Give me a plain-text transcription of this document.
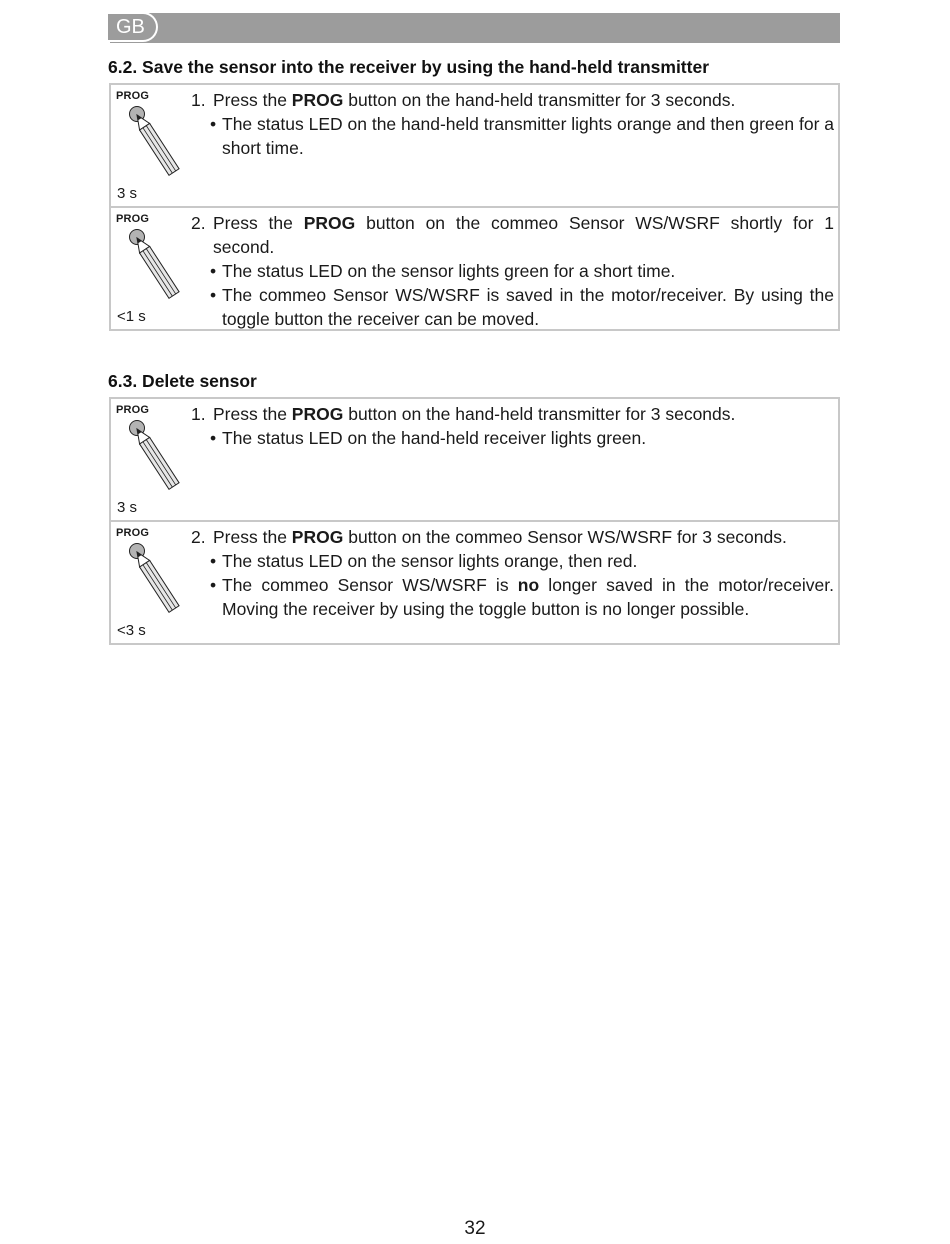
GB
6.2. Save the sensor into the receiver by using the hand-held transmitter
PROG
3 s
1. Press the PROG button on the hand-held transmitter for 3 seconds.
• The status LED on the hand-held transmitter lights orange and then green for a short time.
PROG
<1 s
2. Press the PROG button on the commeo Sensor WS/WSRF shortly for 1 second.
• The status LED on the sensor lights green for a short time.
• The commeo Sensor WS/WSRF is saved in the motor/receiver. By using the toggle button the receiver can be moved.
6.3. Delete sensor
PROG
3 s
1. Press the PROG button on the hand-held transmitter for 3 seconds.
• The status LED on the hand-held receiver lights green.
PROG
<3 s
2. Press the PROG button on the commeo Sensor WS/WSRF for 3 seconds.
• The status LED on the sensor lights orange, then red.
• The commeo Sensor WS/WSRF is no longer saved in the motor/receiver. Moving the receiver by using the toggle button is no longer possible.
32
